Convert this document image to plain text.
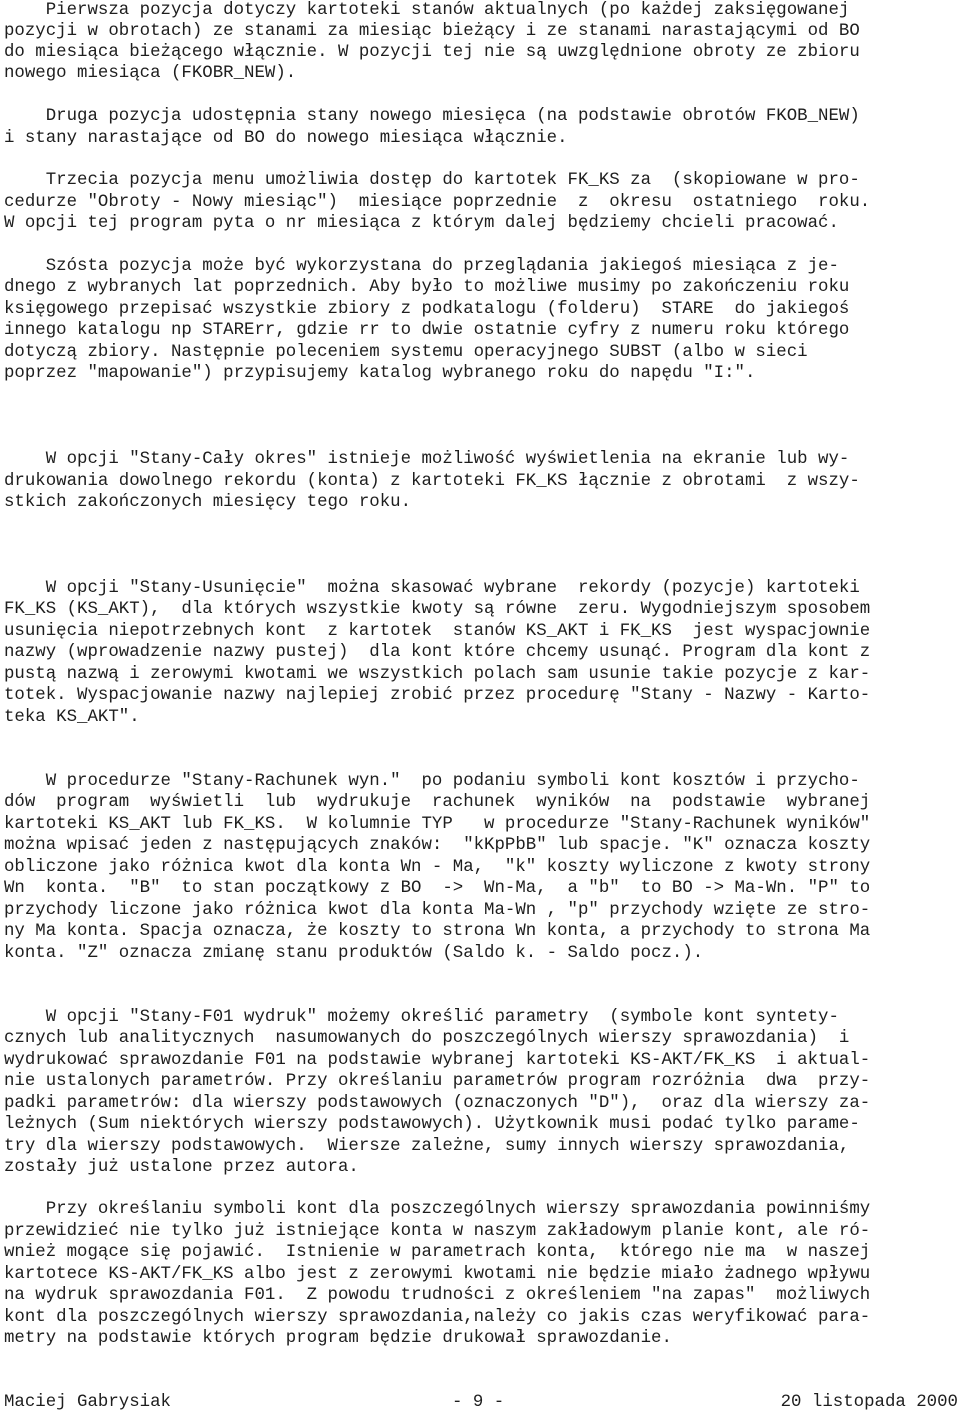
Pierwsza pozycja dotyczy kartoteki stanów aktualnych (po każdej zaksięgowanej
pozycji w obrotach) ze stanami za miesiąc bieżący i ze stanami narastającymi od BO
do miesiąca bieżącego włącznie. W pozycji tej nie są uwzględnione obroty ze zbioru
nowego miesiąca (FKOBR_NEW).
Druga pozycja udostępnia stany nowego miesięca (na podstawie obrotów FKOB_NEW)
i stany narastające od BO do nowego miesiąca włącznie.
Trzecia pozycja menu umożliwia dostęp do kartotek FK_KS za  (skopiowane w pro-
cedurze "Obroty - Nowy miesiąc")  miesiące poprzednie  z  okresu  ostatniego  roku.
W opcji tej program pyta o nr miesiąca z którym dalej będziemy chcieli pracować.
Szósta pozycja może być wykorzystana do przeglądania jakiegoś miesiąca z je-
dnego z wybranych lat poprzednich. Aby było to możliwe musimy po zakończeniu roku
księgowego przepisać wszystkie zbiory z podkatalogu (folderu)  STARE  do jakiegoś
innego katalogu np STARErr, gdzie rr to dwie ostatnie cyfry z numeru roku którego
dotyczą zbiory. Następnie poleceniem systemu operacyjnego SUBST (albo w sieci
poprzez "mapowanie") przypisujemy katalog wybranego roku do napędu "I:".
W opcji "Stany-Cały okres" istnieje możliwość wyświetlenia na ekranie lub wy-
drukowania dowolnego rekordu (konta) z kartoteki FK_KS łącznie z obrotami  z wszy-
stkich zakończonych miesięcy tego roku.
W opcji "Stany-Usunięcie"  można skasować wybrane  rekordy (pozycje) kartoteki
FK_KS (KS_AKT),  dla których wszystkie kwoty są równe  zeru. Wygodniejszym sposobem
usunięcia niepotrzebnych kont  z kartotek  stanów KS_AKT i FK_KS  jest wyspacjownie
nazwy (wprowadzenie nazwy pustej)  dla kont które chcemy usunąć. Program dla kont z
pustą nazwą i zerowymi kwotami we wszystkich polach sam usunie takie pozycje z kar-
totek. Wyspacjowanie nazwy najlepiej zrobić przez procedurę "Stany - Nazwy - Karto-
teka KS_AKT".
W procedurze "Stany-Rachunek wyn."  po podaniu symboli kont kosztów i przycho-
dów  program  wyświetli  lub  wydrukuje  rachunek  wyników  na  podstawie  wybranej
kartoteki KS_AKT lub FK_KS.  W kolumnie TYP   w procedurze "Stany-Rachunek wyników"
można wpisać jeden z następujących znaków:  "kKpPbB" lub spacje. "K" oznacza koszty
obliczone jako różnica kwot dla konta Wn - Ma,  "k" koszty wyliczone z kwoty strony
Wn  konta.  "B"  to stan początkowy z BO  ->  Wn-Ma,  a "b"  to BO -> Ma-Wn. "P" to
przychody liczone jako różnica kwot dla konta Ma-Wn , "p" przychody wzięte ze stro-
ny Ma konta. Spacja oznacza, że koszty to strona Wn konta, a przychody to strona Ma
konta. "Z" oznacza zmianę stanu produktów (Saldo k. - Saldo pocz.).
W opcji "Stany-F01 wydruk" możemy określić parametry  (symbole kont syntety-
cznych lub analitycznych  nasumowanych do poszczególnych wierszy sprawozdania)  i
wydrukować sprawozdanie F01 na podstawie wybranej kartoteki KS-AKT/FK_KS  i aktual-
nie ustalonych parametrów. Przy określaniu parametrów program rozróżnia  dwa  przy-
padki parametrów: dla wierszy podstawowych (oznaczonych "D"),  oraz dla wierszy za-
leżnych (Sum niektórych wierszy podstawowych). Użytkownik musi podać tylko parame-
try dla wierszy podstawowych.  Wiersze zależne, sumy innych wierszy sprawozdania,
zostały już ustalone przez autora.
Przy określaniu symboli kont dla poszczególnych wierszy sprawozdania powinniśmy
przewidzieć nie tylko już istniejące konta w naszym zakładowym planie kont, ale ró-
wnież mogące się pojawić.  Istnienie w parametrach konta,  którego nie ma  w naszej
kartotece KS-AKT/FK_KS albo jest z zerowymi kwotami nie będzie miało żadnego wpływu
na wydruk sprawozdania F01.  Z powodu trudności z określeniem "na zapas"  możliwych
kont dla poszczególnych wierszy sprawozdania,należy co jakis czas weryfikować para-
metry na podstawie których program będzie drukował sprawozdanie.
Maciej Gabrysiak	- 9 -	20 listopada 2000
